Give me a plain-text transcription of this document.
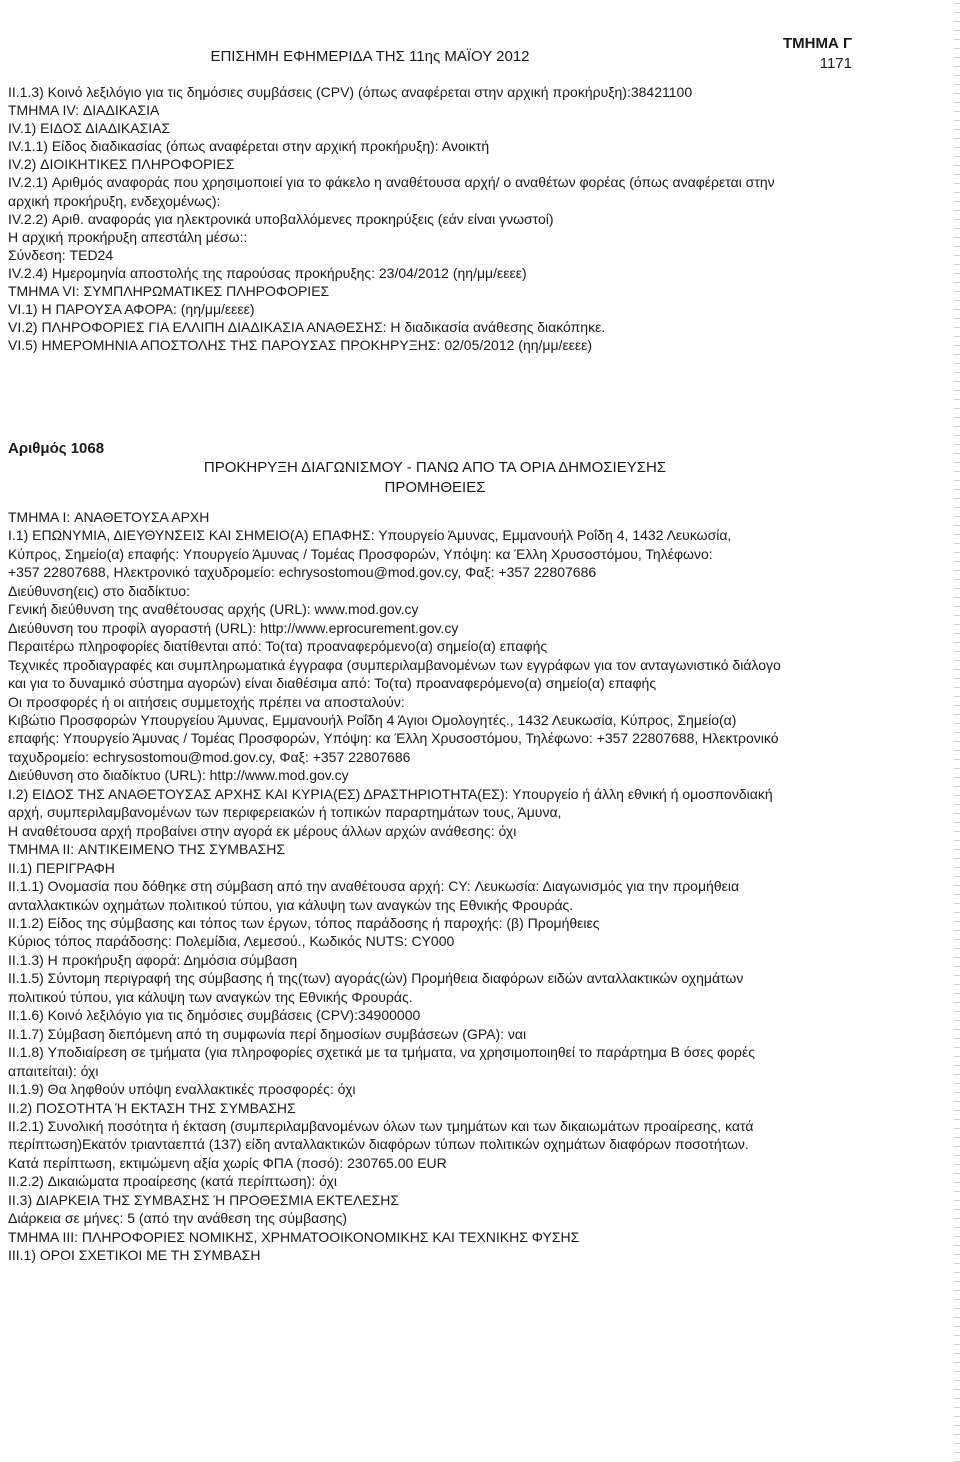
ΕΠΙΣΗΜΗ ΕΦΗΜΕΡΙΔΑ ΤΗΣ 11ης ΜΑΪΟΥ 2012
ΤΜΗΜΑ Γ
1171

II.1.3) Κοινό λεξιλόγιο για τις δημόσιες συμβάσεις (CPV) (όπως αναφέρεται στην αρχική προκήρυξη):38421100

ΤΜΗΜΑ IV: ΔΙΑΔΙΚΑΣΙΑ

IV.1) ΕΙΔΟΣ ΔΙΑΔΙΚΑΣΙΑΣ

IV.1.1) Είδος διαδικασίας (όπως αναφέρεται στην αρχική προκήρυξη): Ανοικτή

IV.2) ΔΙΟΙΚΗΤΙΚΕΣ ΠΛΗΡΟΦΟΡΙΕΣ

IV.2.1) Αριθμός αναφοράς που χρησιμοποιεί για το φάκελο η αναθέτουσα αρχή/ ο αναθέτων φορέας (όπως αναφέρεται στην

αρχική προκήρυξη, ενδεχομένως):

IV.2.2) Αριθ. αναφοράς για ηλεκτρονικά υποβαλλόμενες προκηρύξεις (εάν είναι γνωστοί)

Η αρχική προκήρυξη απεστάλη μέσω::

Σύνδεση: TED24

IV.2.4) Ημερομηνία αποστολής της παρούσας προκήρυξης: 23/04/2012 (ηη/μμ/εεεε)

ΤΜΗΜΑ VI: ΣΥΜΠΛΗΡΩΜΑΤΙΚΕΣ ΠΛΗΡΟΦΟΡΙΕΣ

VI.1) Η ΠΑΡΟΥΣΑ ΑΦΟΡΑ: (ηη/μμ/εεεε)

VI.2) ΠΛΗΡΟΦΟΡΙΕΣ ΓΙΑ ΕΛΛΙΠΗ ΔΙΑΔΙΚΑΣΙΑ ΑΝΑΘΕΣΗΣ: Η διαδικασία ανάθεσης διακόπηκε.

VI.5) ΗΜΕΡΟΜΗΝΙΑ ΑΠΟΣΤΟΛΗΣ ΤΗΣ ΠΑΡΟΥΣΑΣ ΠΡΟΚΗΡΥΞΗΣ: 02/05/2012 (ηη/μμ/εεεε)

Αριθμός 1068

ΠΡΟΚΗΡΥΞΗ ΔΙΑΓΩΝΙΣΜΟΥ - ΠΑΝΩ ΑΠΟ ΤΑ ΟΡΙΑ ΔΗΜΟΣΙΕΥΣΗΣ

ΠΡΟΜΗΘΕΙΕΣ

ΤΜΗΜΑ I: ΑΝΑΘΕΤΟΥΣΑ ΑΡΧΗ

I.1) ΕΠΩΝΥΜΙΑ, ΔΙΕΥΘΥΝΣΕΙΣ ΚΑΙ ΣΗΜΕΙΟ(Α) ΕΠΑΦΗΣ: Υπουργείο Άμυνας, Εμμανουήλ Ροΐδη 4, 1432 Λευκωσία,

Κύπρος, Σημείο(α) επαφής: Υπουργείο Άμυνας / Τομέας Προσφορών, Υπόψη: κα Έλλη Χρυσοστόμου, Τηλέφωνο:

+357 22807688, Ηλεκτρονικό ταχυδρομείο: echrysostomou@mod.gov.cy, Φαξ: +357 22807686

Διεύθυνση(εις) στο διαδίκτυο:

Γενική διεύθυνση της αναθέτουσας αρχής (URL): www.mod.gov.cy

Διεύθυνση του προφίλ αγοραστή (URL): http://www.eprocurement.gov.cy

Περαιτέρω πληροφορίες διατίθενται από: Το(τα) προαναφερόμενο(α) σημείο(α) επαφής

Τεχνικές προδιαγραφές και συμπληρωματικά έγγραφα (συμπεριλαμβανομένων των εγγράφων για τον ανταγωνιστικό διάλογο

και για το δυναμικό σύστημα αγορών) είναι διαθέσιμα από: Το(τα) προαναφερόμενο(α) σημείο(α) επαφής

Οι προσφορές ή οι αιτήσεις συμμετοχής πρέπει να αποσταλούν:

Κιβώτιο Προσφορών Υπουργείου Άμυνας, Εμμανουήλ Ροΐδη 4 Άγιοι Ομολογητές., 1432 Λευκωσία, Κύπρος, Σημείο(α)

επαφής: Υπουργείο Άμυνας / Τομέας Προσφορών, Υπόψη: κα Έλλη Χρυσοστόμου, Τηλέφωνο: +357 22807688, Ηλεκτρονικό

ταχυδρομείο: echrysostomou@mod.gov.cy, Φαξ: +357 22807686

Διεύθυνση στο διαδίκτυο (URL): http://www.mod.gov.cy

I.2) ΕΙΔΟΣ ΤΗΣ ΑΝΑΘΕΤΟΥΣΑΣ ΑΡΧΗΣ ΚΑΙ ΚΥΡΙΑ(ΕΣ) ΔΡΑΣΤΗΡΙΟΤΗΤΑ(ΕΣ): Υπουργείο ή άλλη εθνική ή ομοσπονδιακή

αρχή, συμπεριλαμβανομένων των περιφερειακών ή τοπικών παραρτημάτων τους, Άμυνα,

Η αναθέτουσα αρχή προβαίνει στην αγορά εκ μέρους άλλων αρχών ανάθεσης: όχι

ΤΜΗΜΑ II: ΑΝΤΙΚΕΙΜΕΝΟ ΤΗΣ ΣΥΜΒΑΣΗΣ

II.1) ΠΕΡΙΓΡΑΦΗ

II.1.1) Ονομασία που δόθηκε στη σύμβαση από την αναθέτουσα αρχή: CY: Λευκωσία: Διαγωνισμός για την προμήθεια

ανταλλακτικών οχημάτων πολιτικού τύπου, για κάλυψη των αναγκών της Εθνικής Φρουράς.

II.1.2) Είδος της σύμβασης και τόπος των έργων, τόπος παράδοσης ή παροχής: (β) Προμήθειες

Κύριος τόπος παράδοσης: Πολεμίδια, Λεμεσού., Κωδικός NUTS: CY000

II.1.3) Η προκήρυξη αφορά: Δημόσια σύμβαση

II.1.5) Σύντομη περιγραφή της σύμβασης ή της(των) αγοράς(ών) Προμήθεια διαφόρων ειδών ανταλλακτικών οχημάτων

πολιτικού τύπου, για κάλυψη των αναγκών της Εθνικής Φρουράς.

II.1.6) Κοινό λεξιλόγιο για τις δημόσιες συμβάσεις (CPV):34900000

II.1.7) Σύμβαση διεπόμενη από τη συμφωνία περί δημοσίων συμβάσεων (GPA): ναι

II.1.8) Υποδιαίρεση σε τμήματα (για πληροφορίες σχετικά με τα τμήματα, να χρησιμοποιηθεί το παράρτημα Β όσες φορές

απαιτείται): όχι

II.1.9) Θα ληφθούν υπόψη εναλλακτικές προσφορές: όχι

II.2) ΠΟΣΟΤΗΤΑ Ή ΕΚΤΑΣΗ ΤΗΣ ΣΥΜΒΑΣΗΣ

II.2.1) Συνολική ποσότητα ή έκταση (συμπεριλαμβανομένων όλων των τμημάτων και των δικαιωμάτων προαίρεσης, κατά

περίπτωση)Εκατόν τριανταεπτά (137) είδη ανταλλακτικών διαφόρων τύπων πολιτικών οχημάτων διαφόρων ποσοτήτων.

Κατά περίπτωση, εκτιμώμενη αξία χωρίς ΦΠΑ (ποσό): 230765.00 EUR

II.2.2) Δικαιώματα προαίρεσης (κατά περίπτωση): όχι

II.3) ΔΙΑΡΚΕΙΑ ΤΗΣ ΣΥΜΒΑΣΗΣ Ή ΠΡΟΘΕΣΜΙΑ ΕΚΤΕΛΕΣΗΣ

Διάρκεια σε μήνες: 5 (από την ανάθεση της σύμβασης)

ΤΜΗΜΑ III: ΠΛΗΡΟΦΟΡΙΕΣ ΝΟΜΙΚΗΣ, ΧΡΗΜΑΤΟΟΙΚΟΝΟΜΙΚΗΣ ΚΑΙ ΤΕΧΝΙΚΗΣ ΦΥΣΗΣ

III.1) ΟΡΟΙ ΣΧΕΤΙΚΟΙ ΜΕ ΤΗ ΣΥΜΒΑΣΗ
